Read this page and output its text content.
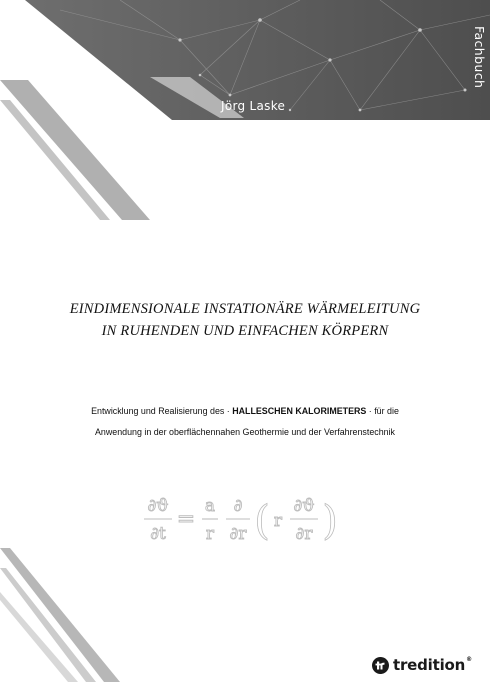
Jörg Laske
Fachbuch
EINDIMENSIONALE INSTATIONÄRE WÄRMELEITUNG
IN RUHENDEN UND EINFACHEN KÖRPERN
Entwicklung und Realisierung des · HALLESCHEN KALORIMETERS · für die
Anwendung in der oberflächennahen Geothermie und der Verfahrenstechnik
∂ϑ
∂t
=
a
r
∂
∂r ( r
∂ϑ
∂r )
tredition®
